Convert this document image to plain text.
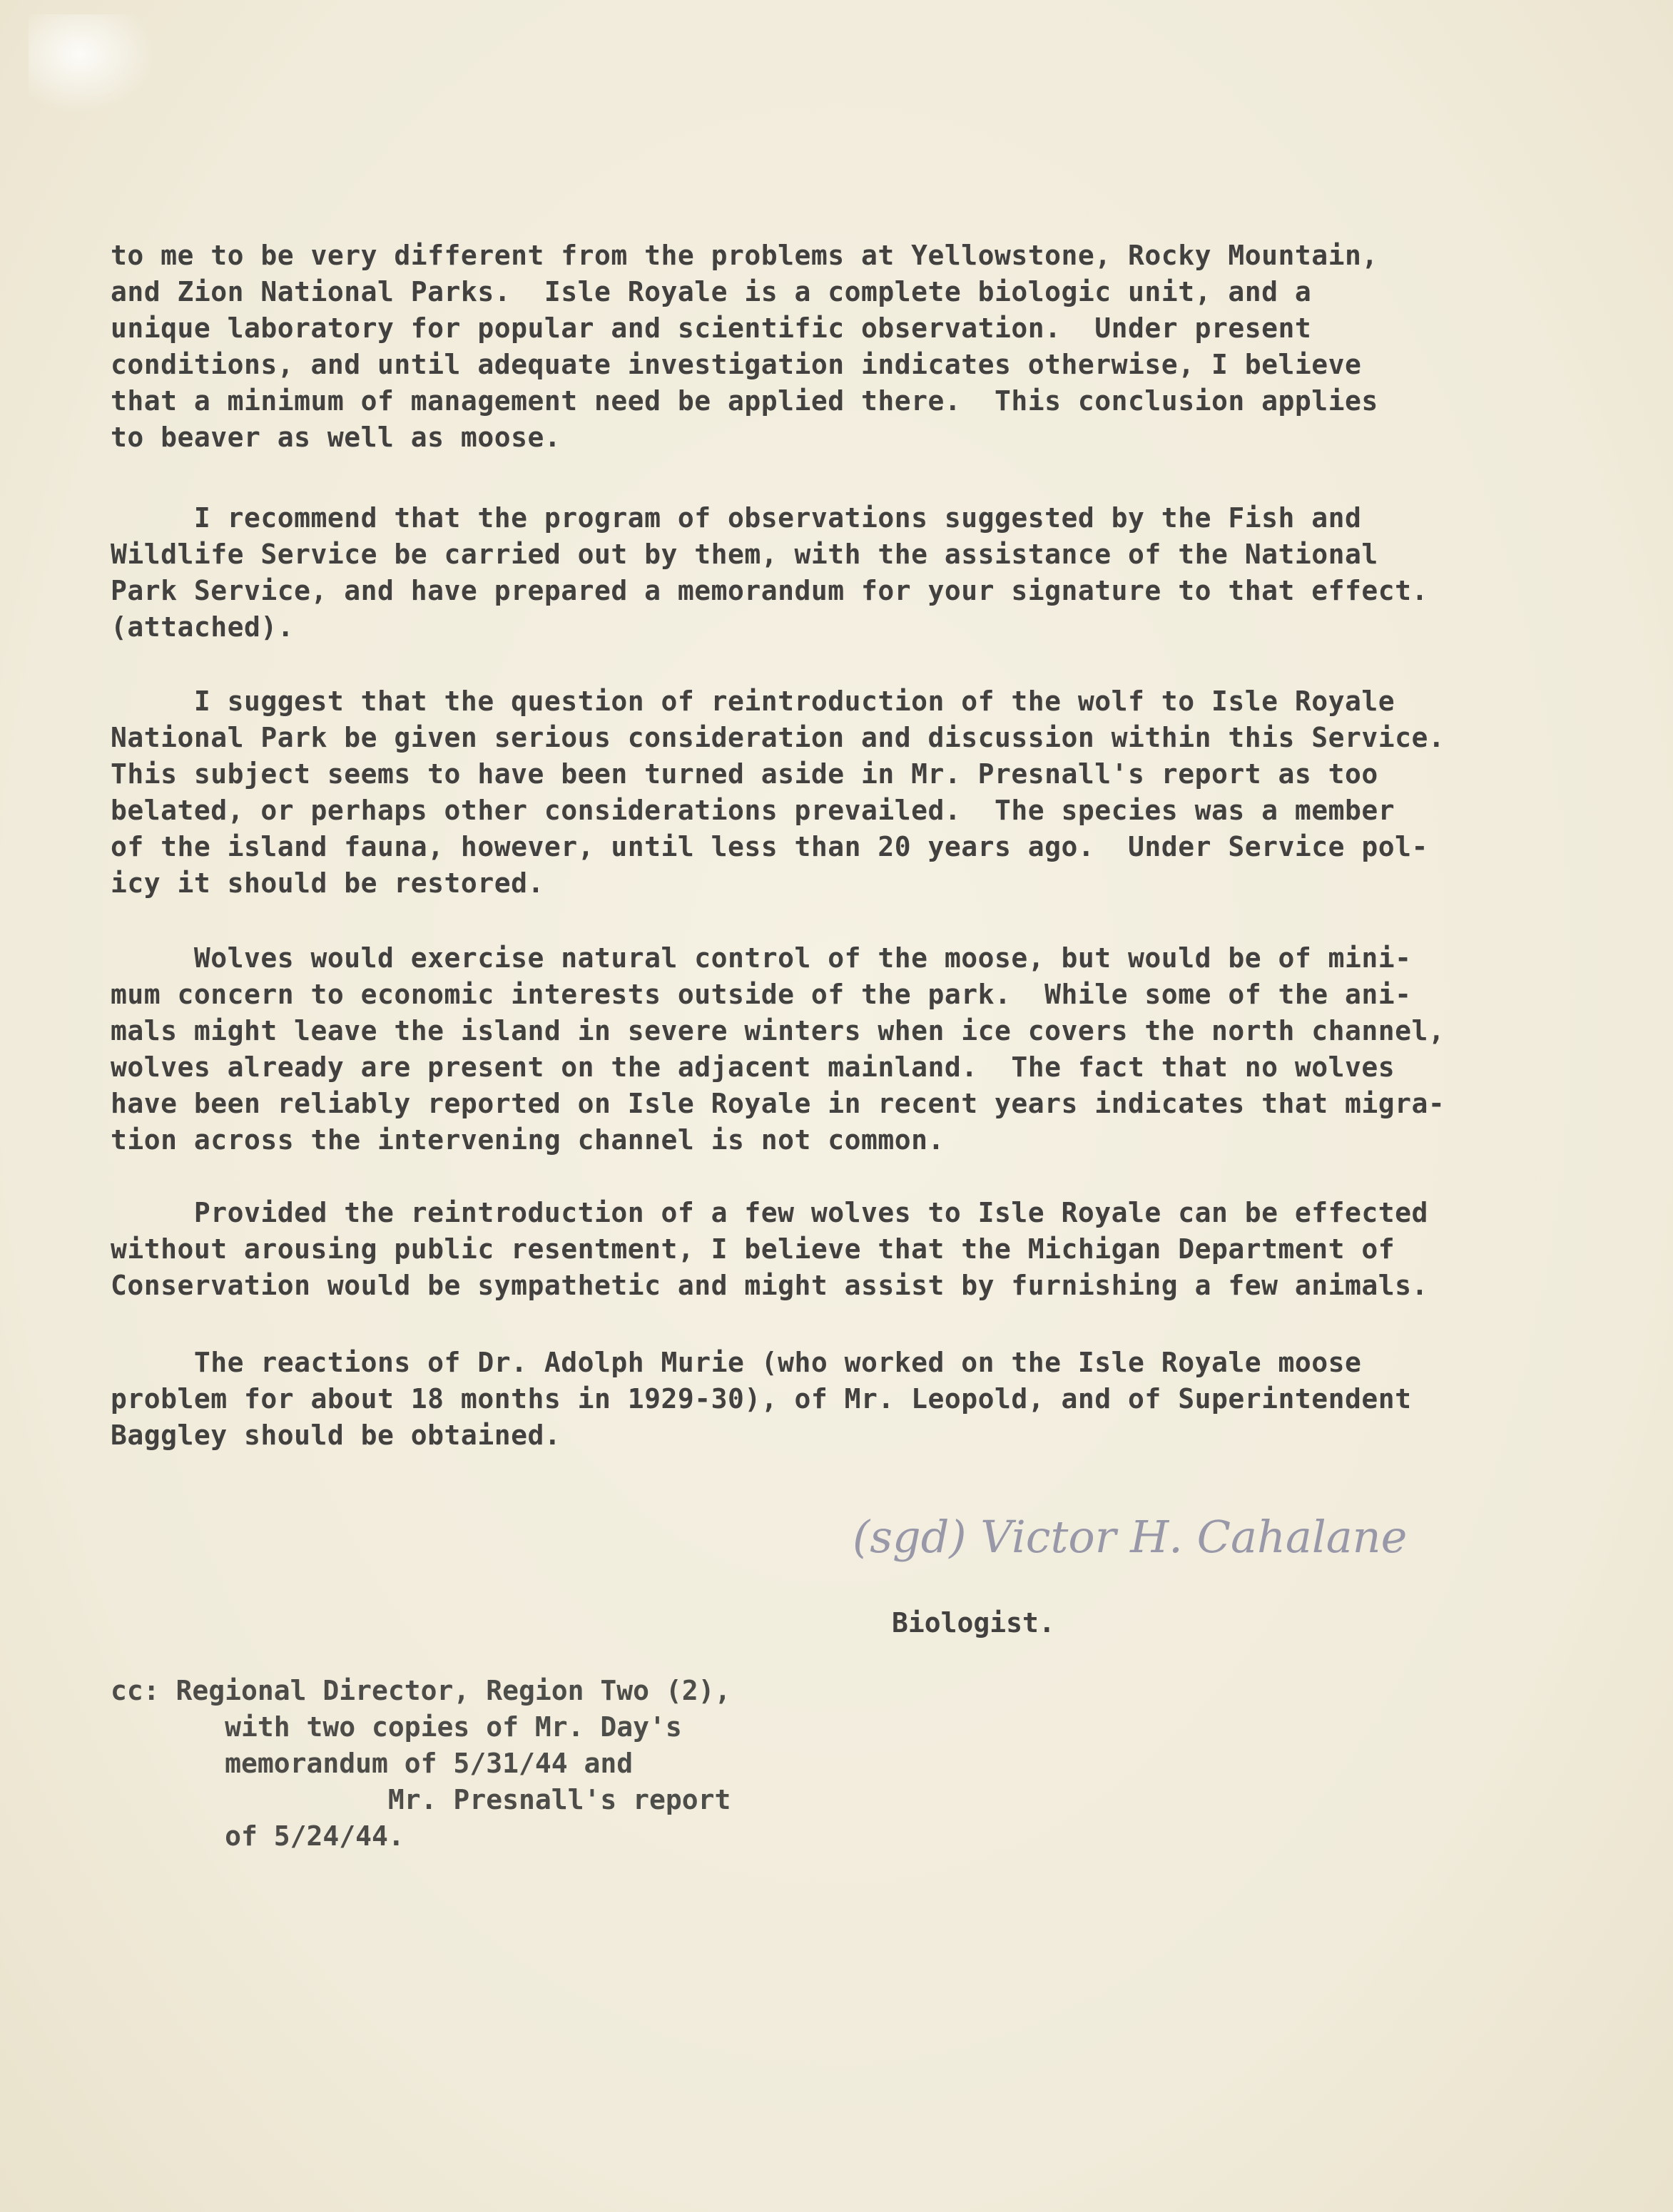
to me to be very different from the problems at Yellowstone, Rocky Mountain,
and Zion National Parks.  Isle Royale is a complete biologic unit, and a
unique laboratory for popular and scientific observation.  Under present
conditions, and until adequate investigation indicates otherwise, I believe
that a minimum of management need be applied there.  This conclusion applies
to beaver as well as moose.

I recommend that the program of observations suggested by the Fish and
Wildlife Service be carried out by them, with the assistance of the National
Park Service, and have prepared a memorandum for your signature to that effect.
(attached).

I suggest that the question of reintroduction of the wolf to Isle Royale
National Park be given serious consideration and discussion within this Service.
This subject seems to have been turned aside in Mr. Presnall's report as too
belated, or perhaps other considerations prevailed.  The species was a member
of the island fauna, however, until less than 20 years ago.  Under Service pol-
icy it should be restored.

Wolves would exercise natural control of the moose, but would be of mini-
mum concern to economic interests outside of the park.  While some of the ani-
mals might leave the island in severe winters when ice covers the north channel,
wolves already are present on the adjacent mainland.  The fact that no wolves
have been reliably reported on Isle Royale in recent years indicates that migra-
tion across the intervening channel is not common.

Provided the reintroduction of a few wolves to Isle Royale can be effected
without arousing public resentment, I believe that the Michigan Department of
Conservation would be sympathetic and might assist by furnishing a few animals.

The reactions of Dr. Adolph Murie (who worked on the Isle Royale moose
problem for about 18 months in 1929-30), of Mr. Leopold, and of Superintendent
Baggley should be obtained.

(sgd) Victor H. Cahalane

Biologist.

cc: Regional Director, Region Two (2),
with two copies of Mr. Day's
memorandum of 5/31/44 and
Mr. Presnall's report
of 5/24/44.
